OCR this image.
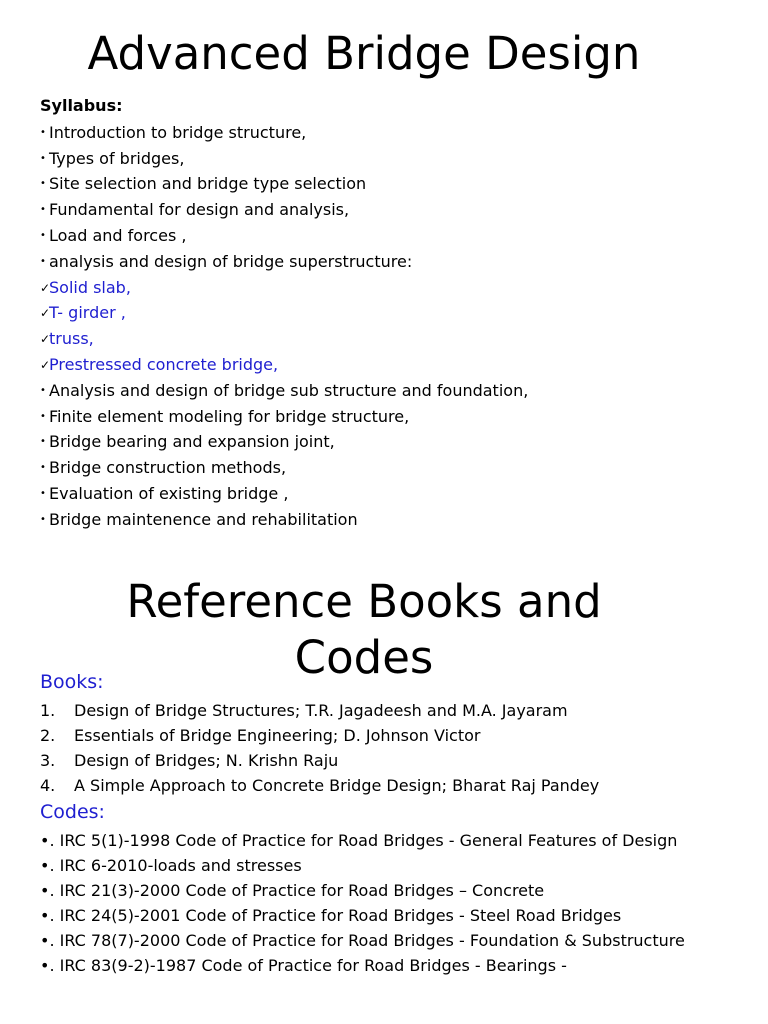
Advanced Bridge Design

Syllabus:

• Introduction to bridge structure,
• Types of bridges,
• Site selection and bridge type selection
• Fundamental for design and analysis,
• Load and forces ,
• analysis and design of bridge superstructure:
✓
Solid slab,
✓
T- girder ,
✓
truss,
✓
Prestressed concrete bridge,
• Analysis and design of bridge sub structure and foundation,
• Finite element modeling for bridge structure,
• Bridge bearing and expansion joint,
• Bridge construction methods,
• Evaluation of existing bridge ,
• Bridge maintenence and rehabilitation
Reference Books and
Codes

Books:

1. Design of Bridge Structures; T.R. Jagadeesh and M.A. Jayaram
2. Essentials of Bridge Engineering; D. Johnson Victor
3. Design of Bridges; N. Krishn Raju
4. A Simple Approach to Concrete Bridge Design; Bharat Raj Pandey

Codes:

•. IRC 5(1)-1998 Code of Practice for Road Bridges - General Features of Design
•. IRC 6-2010-loads and stresses
•. IRC 21(3)-2000 Code of Practice for Road Bridges – Concrete
•. IRC 24(5)-2001 Code of Practice for Road Bridges - Steel Road Bridges
•. IRC 78(7)-2000 Code of Practice for Road Bridges - Foundation & Substructure
•. IRC 83(9-2)-1987 Code of Practice for Road Bridges - Bearings -
